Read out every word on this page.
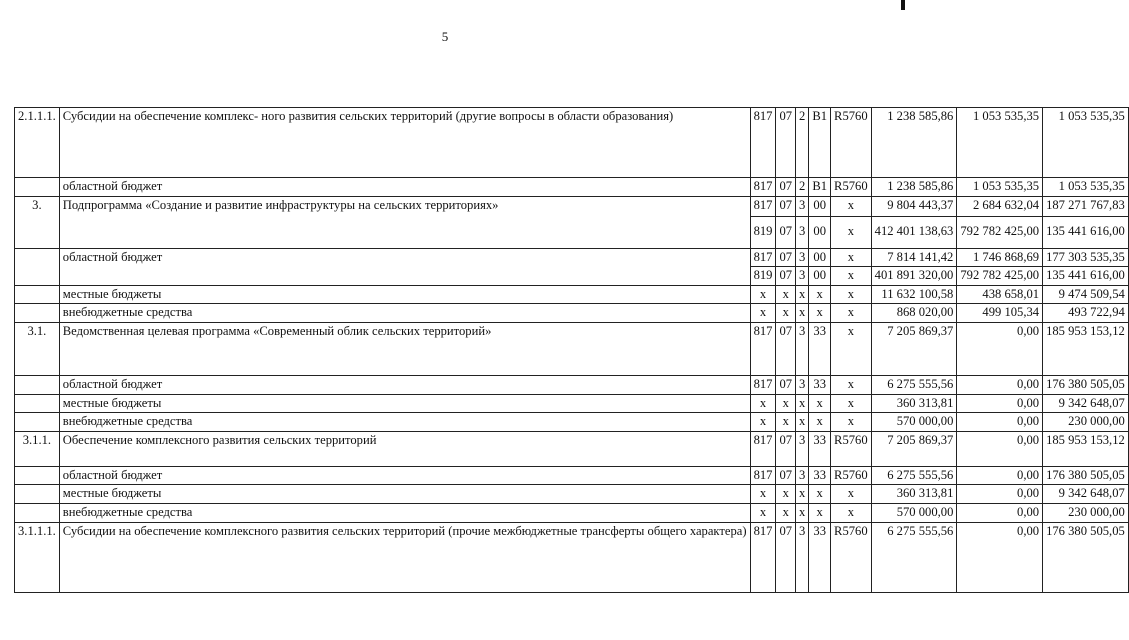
5
2.1.1.1.	Субсидии на обеспечение комплекс- ного развития сельских территорий (другие вопросы в области образования)	817	07	2	B1	R5760	1 238 585,86	1 053 535,35	1 053 535,35
	областной бюджет	817	07	2	B1	R5760	1 238 585,86	1 053 535,35	1 053 535,35
3.	Подпрограмма «Создание и развитие инфраструктуры на сельских территориях»	817	07	3	00	x	9 804 443,37	2 684 632,04	187 271 767,83
		819	07	3	00	x	412 401 138,63	792 782 425,00	135 441 616,00
	областной бюджет	817	07	3	00	x	7 814 141,42	1 746 868,69	177 303 535,35
		819	07	3	00	x	401 891 320,00	792 782 425,00	135 441 616,00
	местные бюджеты	x	x	x	x	x	11 632 100,58	438 658,01	9 474 509,54
	внебюджетные средства	x	x	x	x	x	868 020,00	499 105,34	493 722,94
3.1.	Ведомственная целевая программа «Современный облик сельских территорий»	817	07	3	33	x	7 205 869,37	0,00	185 953 153,12
	областной бюджет	817	07	3	33	x	6 275 555,56	0,00	176 380 505,05
	местные бюджеты	x	x	x	x	x	360 313,81	0,00	9 342 648,07
	внебюджетные средства	x	x	x	x	x	570 000,00	0,00	230 000,00
3.1.1.	Обеспечение комплексного развития сельских территорий	817	07	3	33	R5760	7 205 869,37	0,00	185 953 153,12
	областной бюджет	817	07	3	33	R5760	6 275 555,56	0,00	176 380 505,05
	местные бюджеты	x	x	x	x	x	360 313,81	0,00	9 342 648,07
	внебюджетные средства	x	x	x	x	x	570 000,00	0,00	230 000,00
3.1.1.1.	Субсидии на обеспечение комплексного развития сельских территорий (прочие межбюджетные трансферты общего характера)	817	07	3	33	R5760	6 275 555,56	0,00	176 380 505,05
